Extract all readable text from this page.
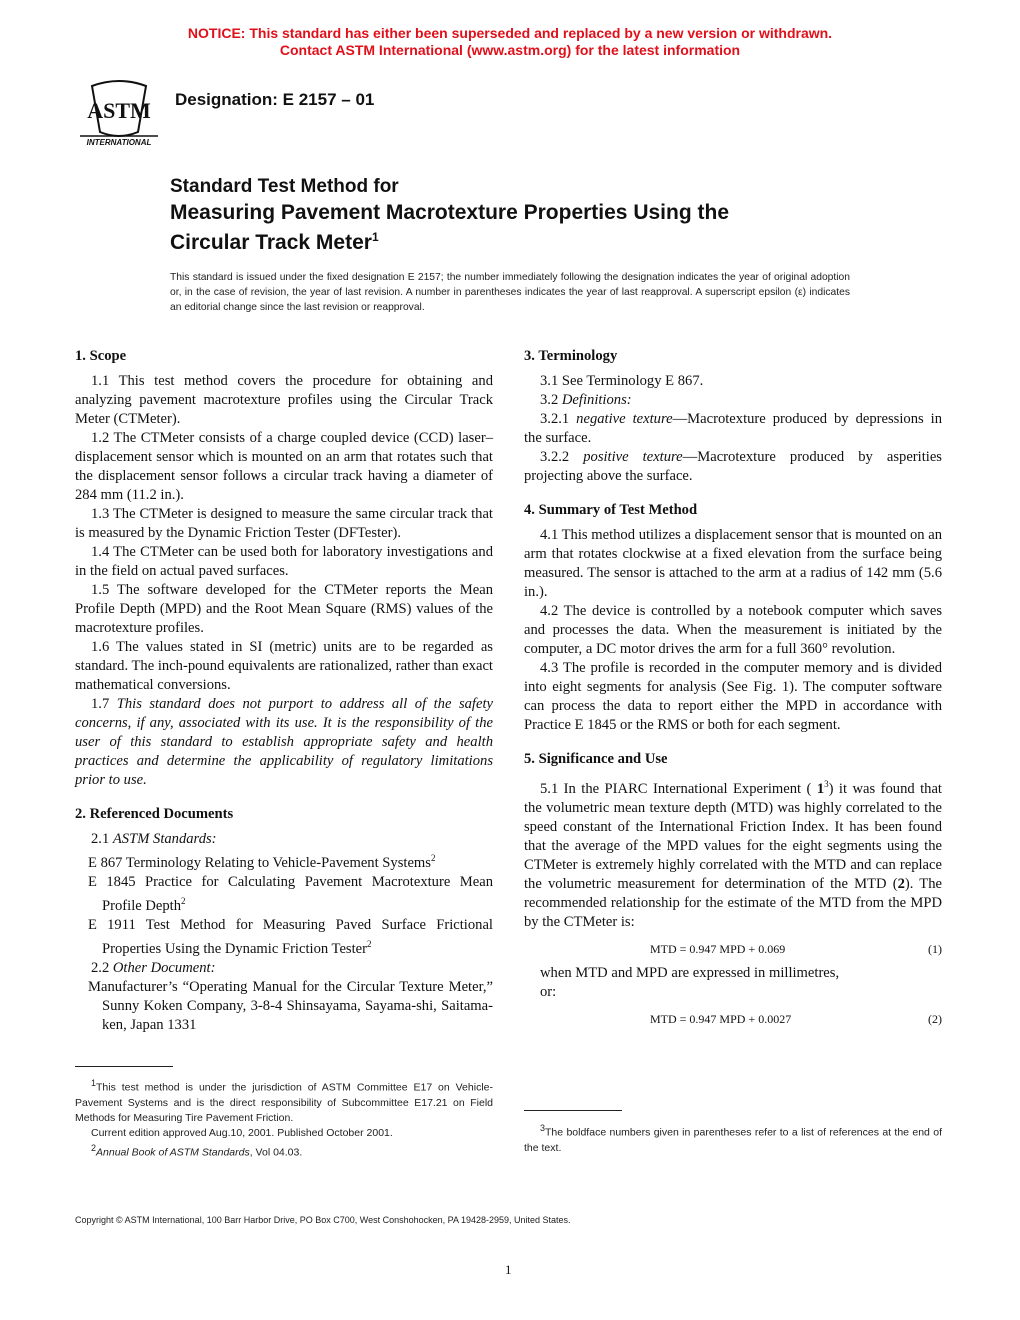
NOTICE: This standard has either been superseded and replaced by a new version or withdrawn.
Contact ASTM International (www.astm.org) for the latest information
ASTM
INTERNATIONAL
Designation: E 2157 – 01
Standard Test Method for
Measuring Pavement Macrotexture Properties Using the
Circular Track Meter$^1$
This standard is issued under the fixed designation E 2157; the number immediately following the designation indicates the year of original adoption or, in the case of revision, the year of last revision. A number in parentheses indicates the year of last reapproval. A superscript epsilon (ε) indicates an editorial change since the last revision or reapproval.
1. Scope

1.1 This test method covers the procedure for obtaining and analyzing pavement macrotexture profiles using the Circular Track Meter (CTMeter).

1.2 The CTMeter consists of a charge coupled device (CCD) laser– displacement sensor which is mounted on an arm that rotates such that the displacement sensor follows a circular track having a diameter of 284 mm (11.2 in.).

1.3 The CTMeter is designed to measure the same circular track that is measured by the Dynamic Friction Tester (DFTester).

1.4 The CTMeter can be used both for laboratory investigations and in the field on actual paved surfaces.

1.5 The software developed for the CTMeter reports the Mean Profile Depth (MPD) and the Root Mean Square (RMS) values of the macrotexture profiles.

1.6 The values stated in SI (metric) units are to be regarded as standard. The inch-pound equivalents are rationalized, rather than exact mathematical conversions.

1.7 This standard does not purport to address all of the safety concerns, if any, associated with its use. It is the responsibility of the user of this standard to establish appropriate safety and health practices and determine the applicability of regulatory limitations prior to use.

2. Referenced Documents

2.1 ASTM Standards:

E 867 Terminology Relating to Vehicle-Pavement Systems$^2$

E 1845 Practice for Calculating Pavement Macrotexture Mean Profile Depth$^2$

E 1911 Test Method for Measuring Paved Surface Frictional Properties Using the Dynamic Friction Tester$^2$

2.2 Other Document:

Manufacturer’s “Operating Manual for the Circular Texture Meter,” Sunny Koken Company, 3-8-4 Shinsayama, Sayama-shi, Saitama-ken, Japan 1331

3. Terminology

3.1 See Terminology E 867.

3.2 Definitions:

3.2.1 negative texture—Macrotexture produced by depressions in the surface.

3.2.2 positive texture—Macrotexture produced by asperities projecting above the surface.

4. Summary of Test Method

4.1 This method utilizes a displacement sensor that is mounted on an arm that rotates clockwise at a fixed elevation from the surface being measured. The sensor is attached to the arm at a radius of 142 mm (5.6 in.).

4.2 The device is controlled by a notebook computer which saves and processes the data. When the measurement is initiated by the computer, a DC motor drives the arm for a full 360° revolution.

4.3 The profile is recorded in the computer memory and is divided into eight segments for analysis (See Fig. 1). The computer software can process the data to report either the MPD in accordance with Practice E 1845 or the RMS or both for each segment.

5. Significance and Use

5.1 In the PIARC International Experiment ( $1^3$) it was found that the volumetric mean texture depth (MTD) was highly correlated to the speed constant of the International Friction Index. It has been found that the average of the MPD values for the eight segments using the CTMeter is extremely highly correlated with the MTD and can replace the volumetric measurement for determination of the MTD (2). The recommended relationship for the estimate of the MTD from the MPD by the CTMeter is:

MTD = 0.947 MPD + 0.069	(1)

when MTD and MPD are expressed in millimetres,

or:

MTD = 0.947 MPD + 0.0027	(2)

$^1$This test method is under the jurisdiction of ASTM Committee E17 on Vehicle-Pavement Systems and is the direct responsibility of Subcommittee E17.21 on Field Methods for Measuring Tire Pavement Friction.

Current edition approved Aug.10, 2001. Published October 2001.

$^2$Annual Book of ASTM Standards, Vol 04.03.

$^3$The boldface numbers given in parentheses refer to a list of references at the end of the text.

Copyright © ASTM International, 100 Barr Harbor Drive, PO Box C700, West Conshohocken, PA 19428-2959, United States.
1
